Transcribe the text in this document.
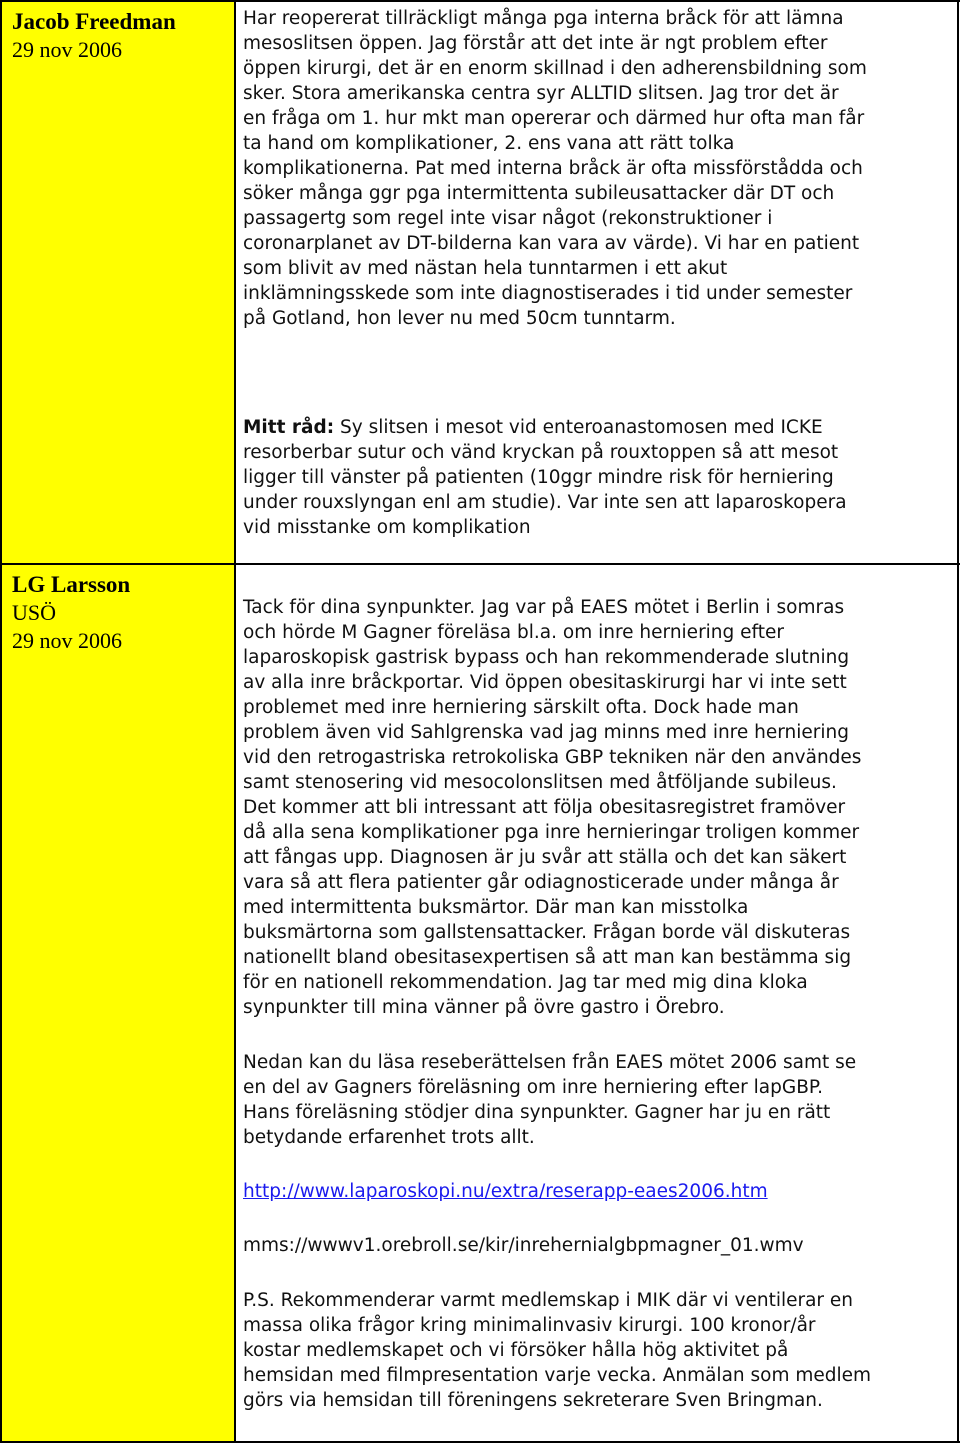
Jacob Freedman
29 nov 2006
Har reopererat tillräckligt många pga interna bråck för att lämna
mesoslitsen öppen. Jag förstår att det inte är ngt problem efter
öppen kirurgi, det är en enorm skillnad i den adherensbildning som
sker. Stora amerikanska centra syr ALLTID slitsen. Jag tror det är
en fråga om 1. hur mkt man opererar och därmed hur ofta man får
ta hand om komplikationer, 2. ens vana att rätt tolka
komplikationerna. Pat med interna bråck är ofta missförstådda och
söker många ggr pga intermittenta subileusattacker där DT och
passagertg som regel inte visar något (rekonstruktioner i
coronarplanet av DT-bilderna kan vara av värde). Vi har en patient
som blivit av med nästan hela tunntarmen i ett akut
inklämningsskede som inte diagnostiserades i tid under semester
på Gotland, hon lever nu med 50cm tunntarm.
Mitt råd: Sy slitsen i mesot vid enteroanastomosen med ICKE
resorberbar sutur och vänd kryckan på rouxtoppen så att mesot
ligger till vänster på patienten (10ggr mindre risk för herniering
under rouxslyngan enl am studie). Var inte sen att laparoskopera
vid misstanke om komplikation
LG Larsson
USÖ
29 nov 2006
Tack för dina synpunkter. Jag var på EAES mötet i Berlin i somras
och hörde M Gagner föreläsa bl.a. om inre herniering efter
laparoskopisk gastrisk bypass och han rekommenderade slutning
av alla inre bråckportar. Vid öppen obesitaskirurgi har vi inte sett
problemet med inre herniering särskilt ofta. Dock hade man
problem även vid Sahlgrenska vad jag minns med inre herniering
vid den retrogastriska retrokoliska GBP tekniken när den användes
samt stenosering vid mesocolonslitsen med åtföljande subileus.
Det kommer att bli intressant att följa obesitasregistret framöver
då alla sena komplikationer pga inre hernieringar troligen kommer
att fångas upp. Diagnosen är ju svår att ställa och det kan säkert
vara så att flera patienter går odiagnosticerade under många år
med intermittenta buksmärtor. Där man kan misstolka
buksmärtorna som gallstensattacker. Frågan borde väl diskuteras
nationellt bland obesitasexpertisen så att man kan bestämma sig
för en nationell rekommendation. Jag tar med mig dina kloka
synpunkter till mina vänner på övre gastro i Örebro.
Nedan kan du läsa reseberättelsen från EAES mötet 2006 samt se
en del av Gagners föreläsning om inre herniering efter lapGBP.
Hans föreläsning stödjer dina synpunkter. Gagner har ju en rätt
betydande erfarenhet trots allt.
http://www.laparoskopi.nu/extra/reserapp-eaes2006.htm
mms://wwwv1.orebroll.se/kir/inrehernialgbpmagner_01.wmv
P.S. Rekommenderar varmt medlemskap i MIK där vi ventilerar en
massa olika frågor kring minimalinvasiv kirurgi. 100 kronor/år
kostar medlemskapet och vi försöker hålla hög aktivitet på
hemsidan med filmpresentation varje vecka. Anmälan som medlem
görs via hemsidan till föreningens sekreterare Sven Bringman.
